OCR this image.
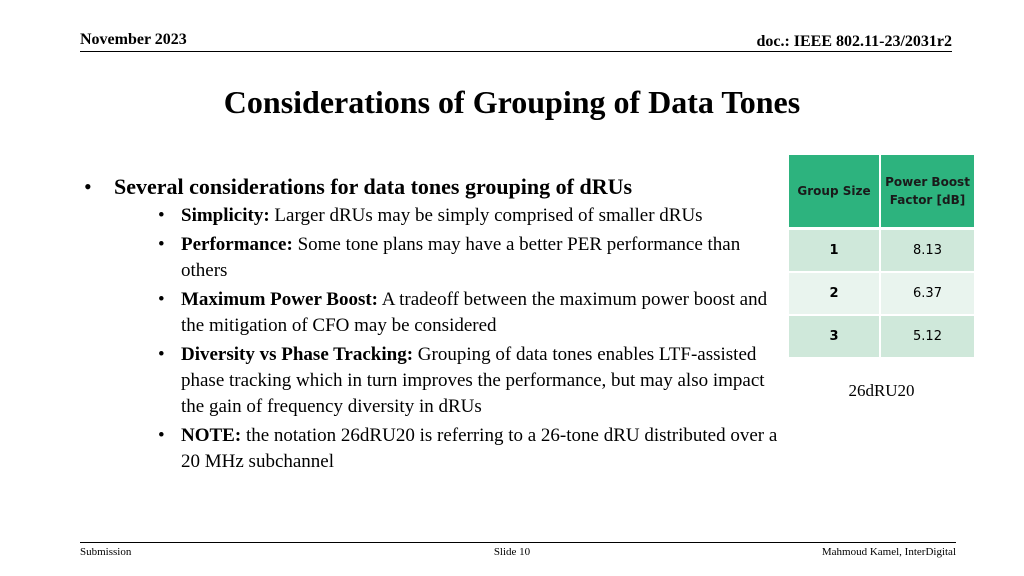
November 2023	doc.: IEEE 802.11-23/2031r2
Considerations of Grouping of Data Tones
• Several considerations for data tones grouping of dRUs
• Simplicity: Larger dRUs may be simply comprised of smaller dRUs
• Performance: Some tone plans may have a better PER performance than others
• Maximum Power Boost: A tradeoff between the maximum power boost and the mitigation of CFO may be considered
• Diversity vs Phase Tracking: Grouping of data tones enables LTF-assisted phase tracking which in turn improves the performance, but may also impact the gain of frequency diversity in dRUs
• NOTE: the notation 26dRU20 is referring to a 26-tone dRU distributed over a 20 MHz subchannel
Group Size	Power Boost Factor [dB]
1	8.13
2	6.37
3	5.12
26dRU20
Submission	Slide 10	Mahmoud Kamel, InterDigital
